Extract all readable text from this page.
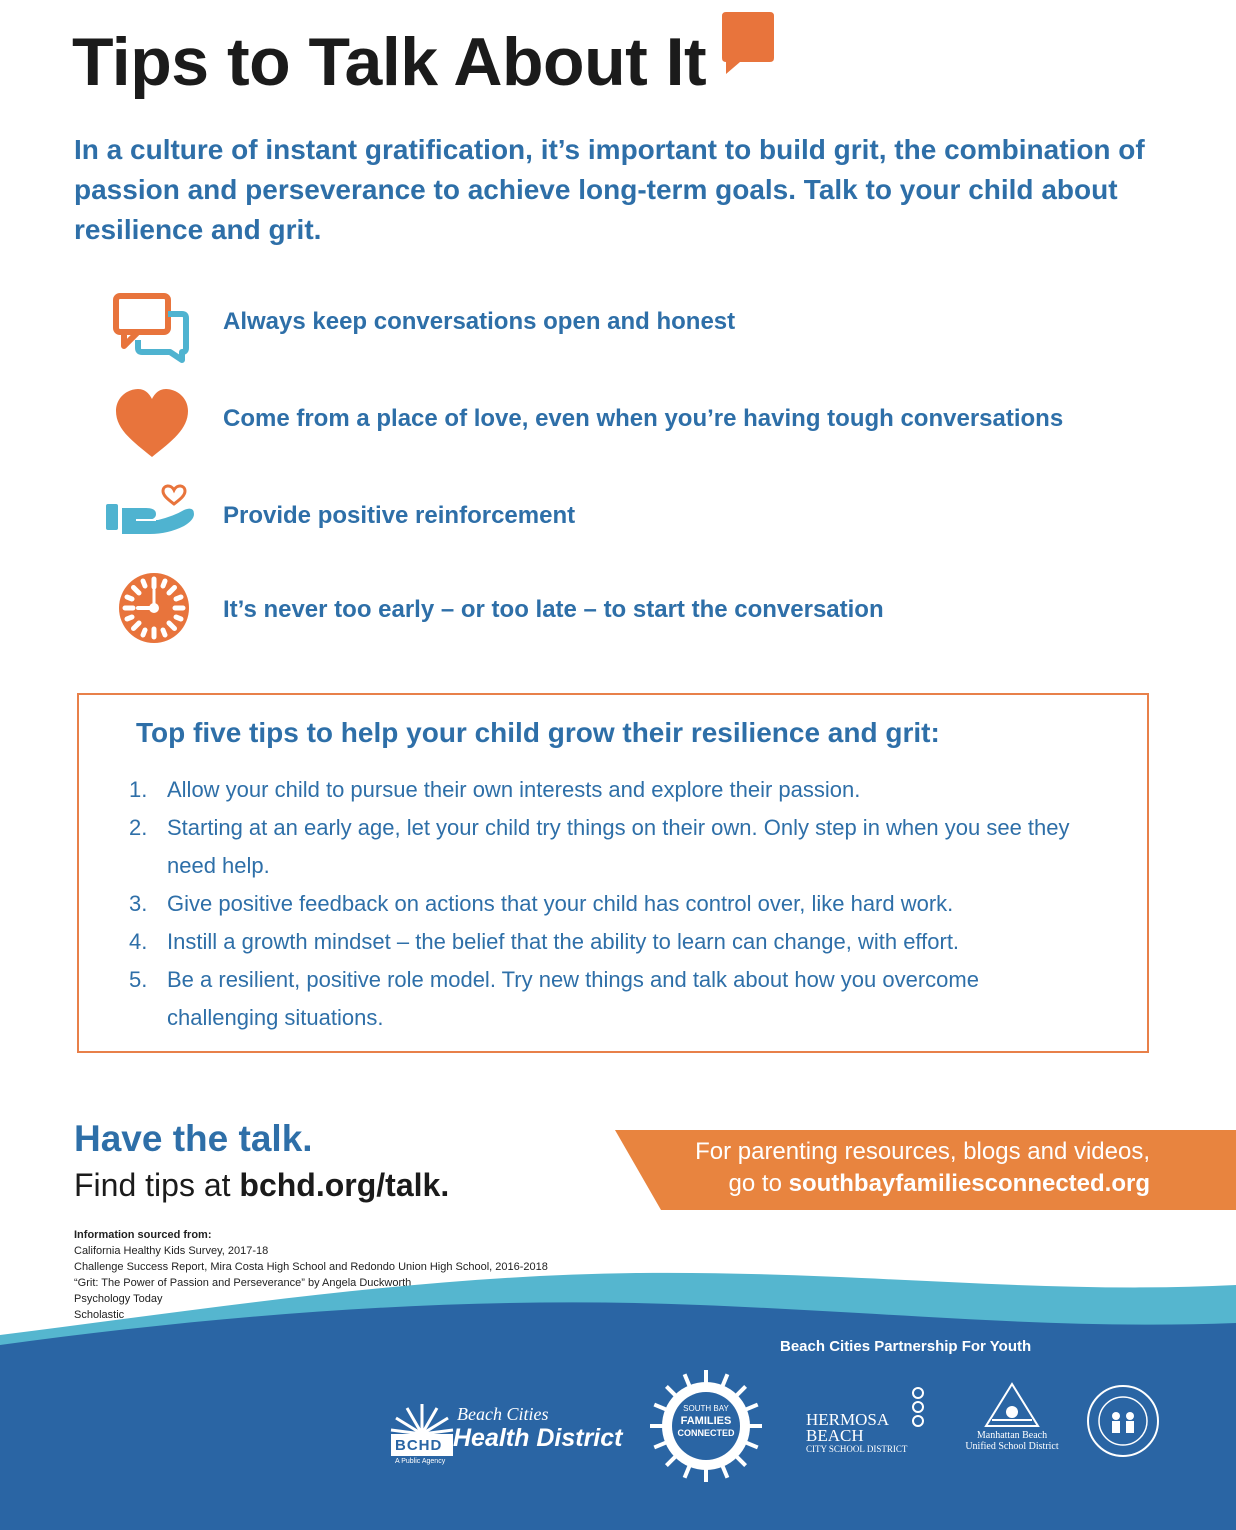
Tips to Talk About It

In a culture of instant gratification, it’s important to build grit, the combination of passion and perseverance to achieve long-term goals. Talk to your child about resilience and grit.

Always keep conversations open and honest
Come from a place of love, even when you’re having tough conversations
Provide positive reinforcement
It’s never too early – or too late – to start the conversation
Top five tips to help your child grow their resilience and grit:
1. Allow your child to pursue their own interests and explore their passion.
2. Starting at an early age, let your child try things on their own. Only step in when you see they need help.
3. Give positive feedback on actions that your child has control over, like hard work.
4. Instill a growth mindset – the belief that the ability to learn can change, with effort.
5. Be a resilient, positive role model. Try new things and talk about how you overcome challenging situations.
Have the talk.
Find tips at bchd.org/talk.
For parenting resources, blogs and videos,
go to southbayfamiliesconnected.org
Information sourced from:
California Healthy Kids Survey, 2017-18
Challenge Success Report, Mira Costa High School and Redondo Union High School, 2016-2018
“Grit: The Power of Passion and Perseverance” by Angela Duckworth
Psychology Today
Scholastic
Beach Cities Partnership For Youth
BCHD
Beach Cities
Health District
A Public Agency
SOUTH BAY
FAMILIES
CONNECTED
HERMOSA
BEACH
CITY SCHOOL DISTRICT
Manhattan Beach
Unified School District
